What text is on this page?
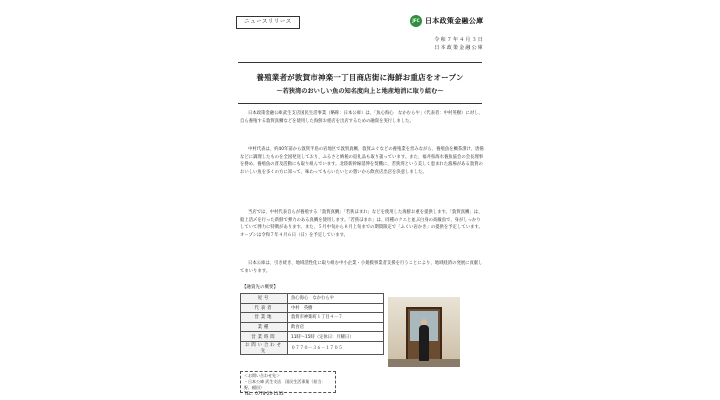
ニュースリリース	JFC 日本政策金融公庫
令和７年４月３日
日本政策金融公庫
養殖業者が敦賀市神楽一丁目商店街に海鮮お重店をオープン
～若狭湾のおいしい魚の知名度向上と地産地消に取り組む～
日本政策金融公庫武生支店国民生活事業（略称：日本公庫）は、「魚心海心　なかむらや」（代表者：中村英樹）に対し、自ら養殖する敦賀真鯛などを使用した海鮮お重店を出店するための融資を実行しました。
中村代表は、約40年前から敦賀半島の岩地区で敦賀真鯛、敦賀ふぐなどの養殖業を営みながら、養殖魚を鯛茶漬け、唐揚などに調理したものを全国発送しており、ふるさと納税の返礼品も取り扱っています。また、福井県海水養魚協会の会長理事を務め、養殖魚の普及活動にも取り組んでいます。北陸新幹線延伸を契機に、若狭湾という美しく恵まれた漁場がある敦賀のおいしい魚を多くの方に知って、味わってもらいたいとの想いから飲食店出店を決意しました。
当店では、中村代表自らが養殖する「敦賀真鯛」「若狭ほまれ」などを使用した海鮮お重を提供します。「敦賀真鯛」は、船上活〆を行った新鮮で弾力のある真鯛を使用します。「若狭ほまれ」は、同種のクエと並ぶ白身の高級魚で、身がしっかりしていて弾力に特徴があります。また、５月中旬から８月上旬までの期間限定で「ふくい岩かき」の提供を予定しています。
オープンは令和７年４月６日（日）を予定しています。
日本公庫は、引き続き、地域活性化に取り組む中小企業・小規模事業者支援を行うことにより、地域経済の発展に貢献してまいります。
【融資先の概要】
屋号	魚心海心　なかむらや
代表者	中村　英樹
営業地	敦賀市神楽町１丁目４－７
業種	飲食店
営業時間	11時～15時（定休日：月曜日）
お問い合わせ先	０７７０－３６－１７０５
＜お問い合わせ先＞
・日本公庫 武生支店　国民生活事業（担当：野、稲田）
TEL：0778-23-1133
